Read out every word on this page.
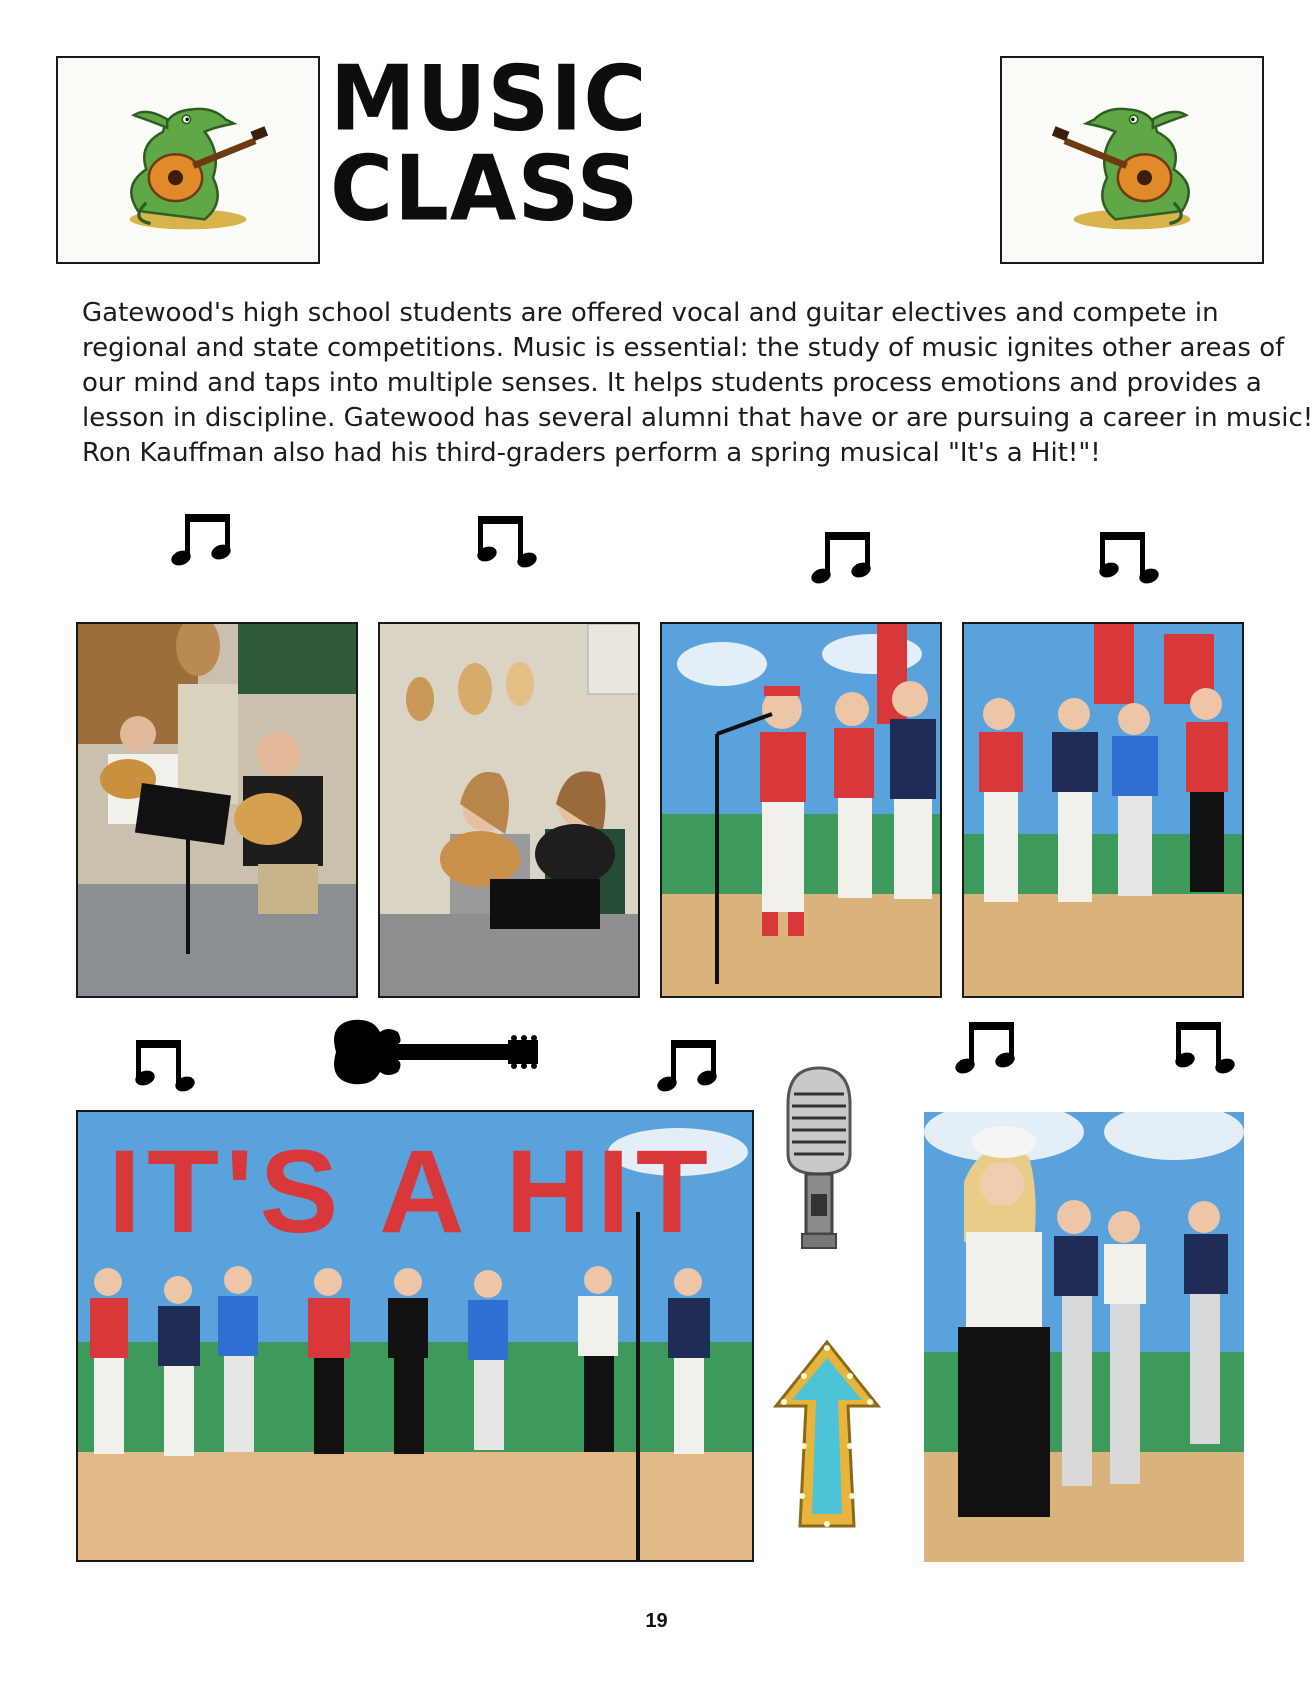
MUSIC CLASS
Gatewood's high school students are offered vocal and guitar electives and compete in
regional and state competitions. Music is essential: the study of music ignites other areas of
our mind and taps into multiple senses. It helps students process emotions and provides a
lesson in discipline. Gatewood has several alumni that have or are pursuing a career in music!
Ron Kauffman also had his third-graders perform a spring musical "It's a Hit!"!
IT'S A HIT
19
